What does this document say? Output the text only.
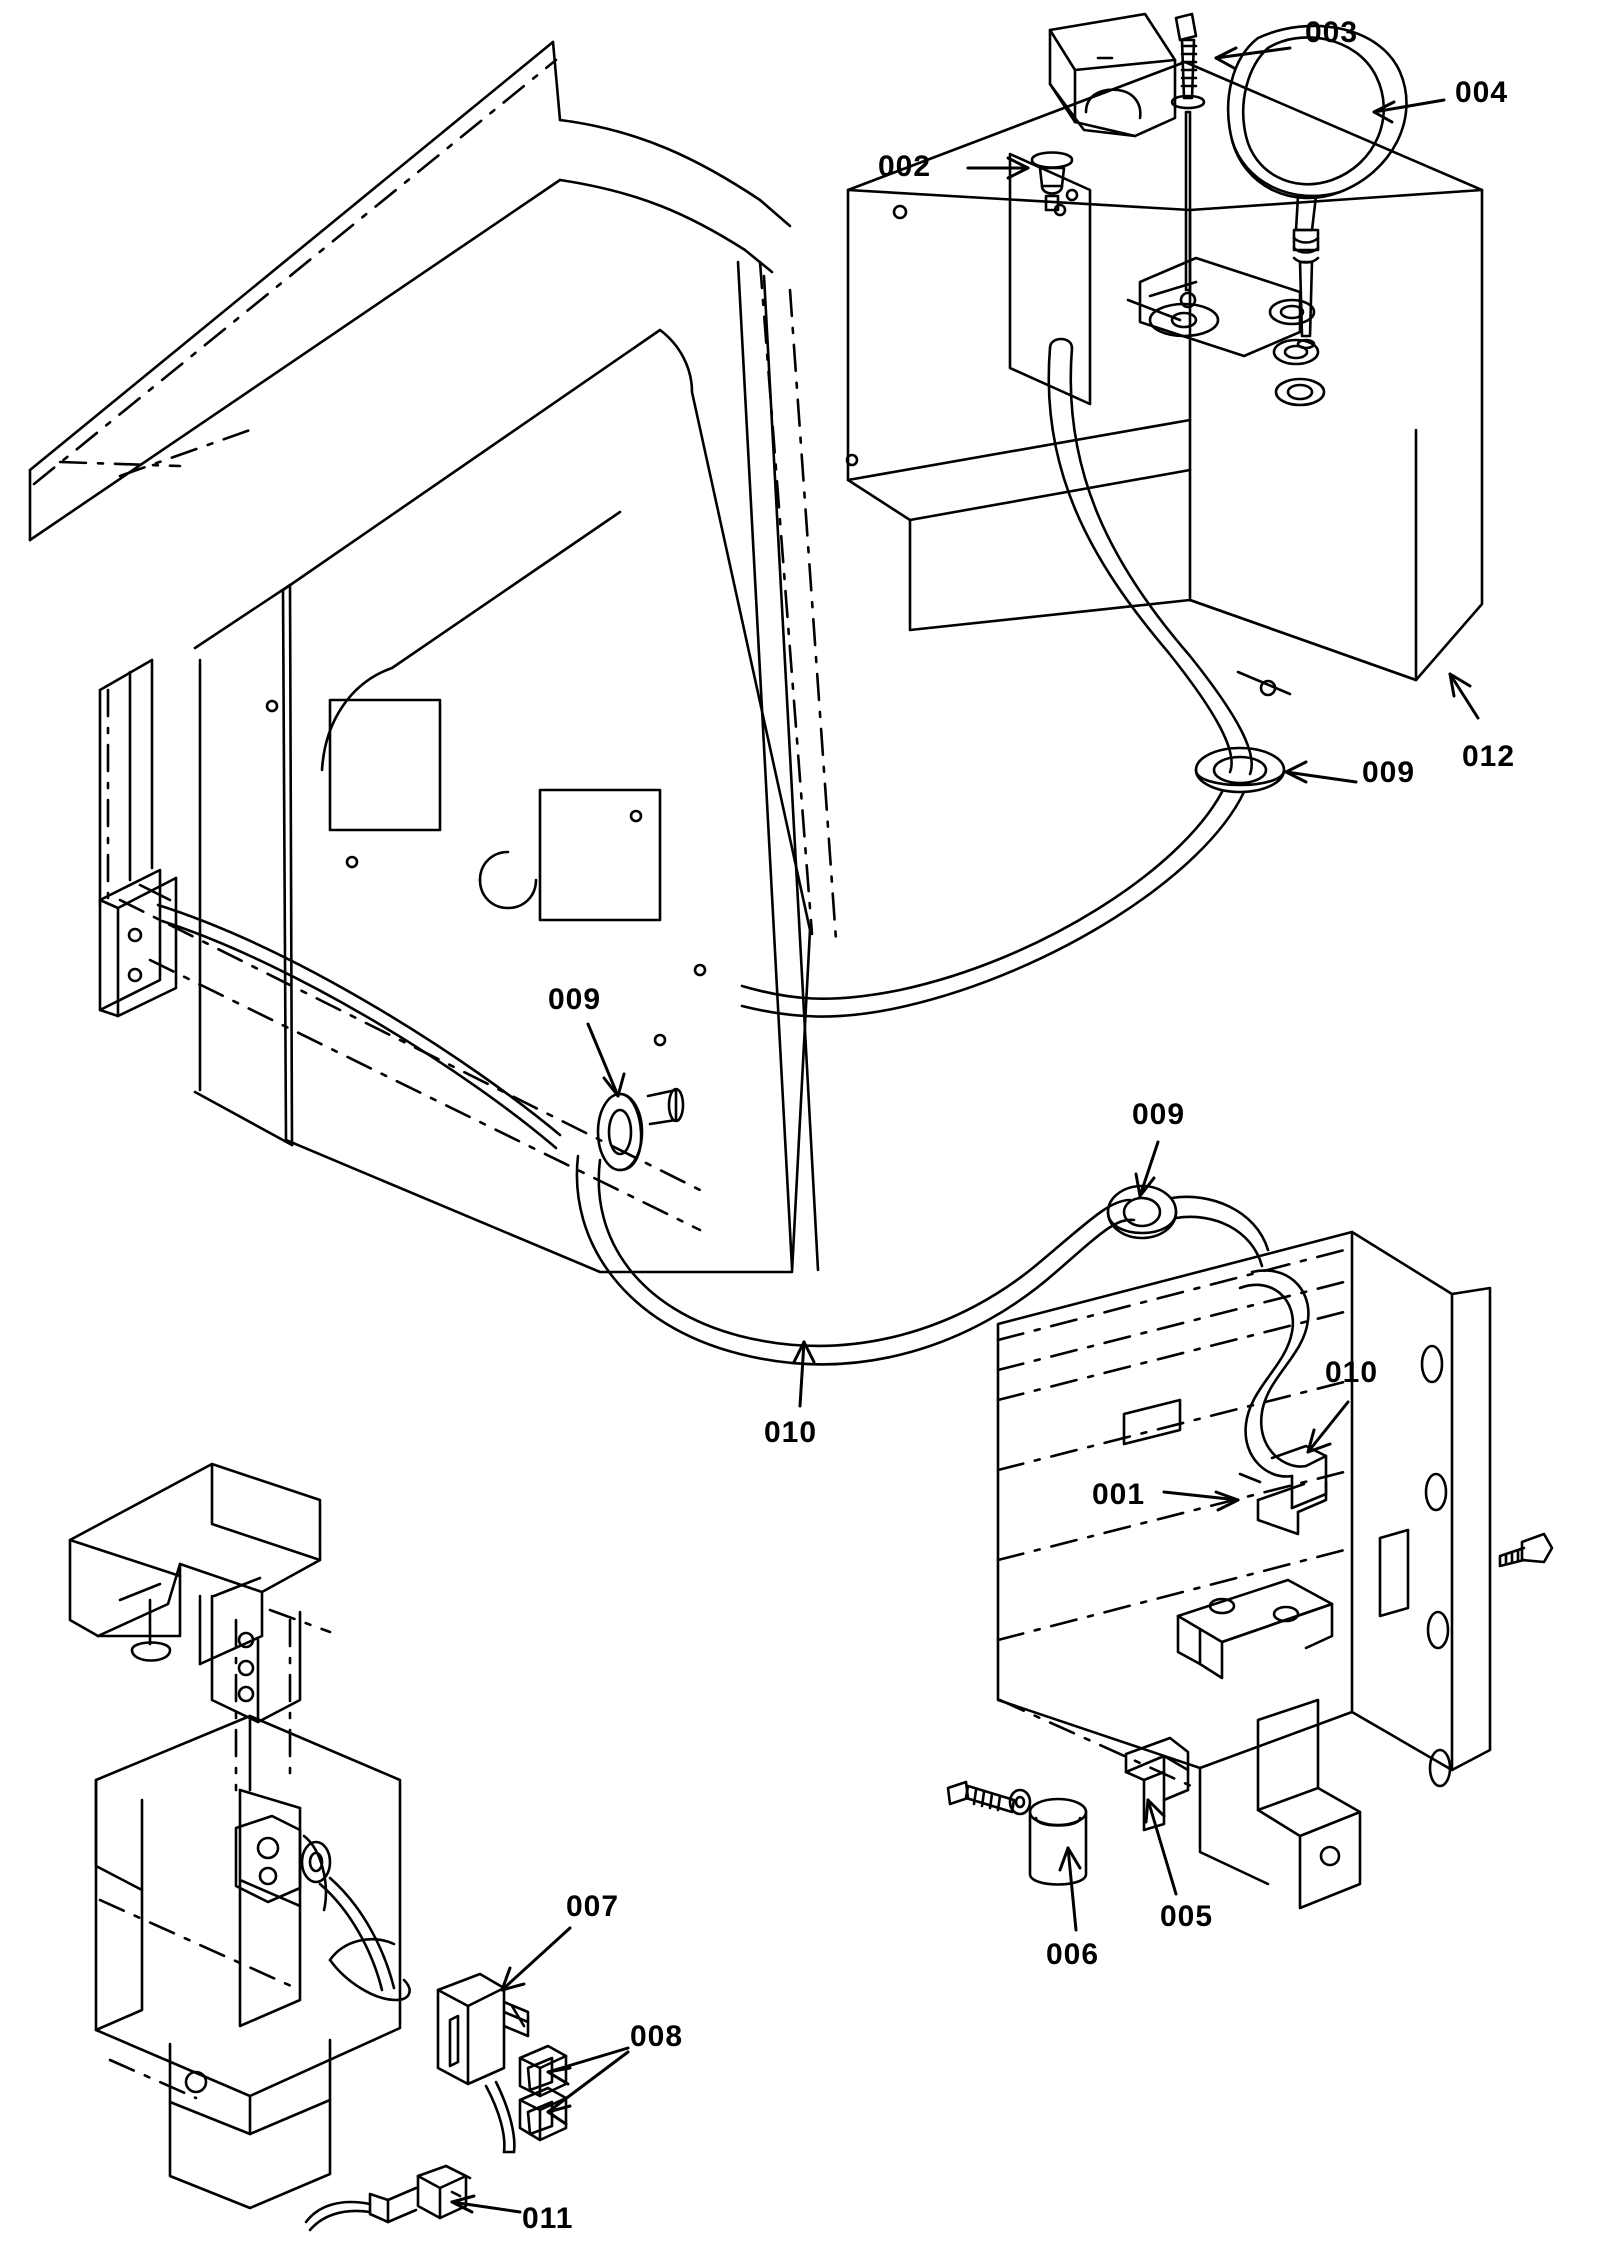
003
004
002
009 012
009
009
010
001
010
005
006
007
008
011
